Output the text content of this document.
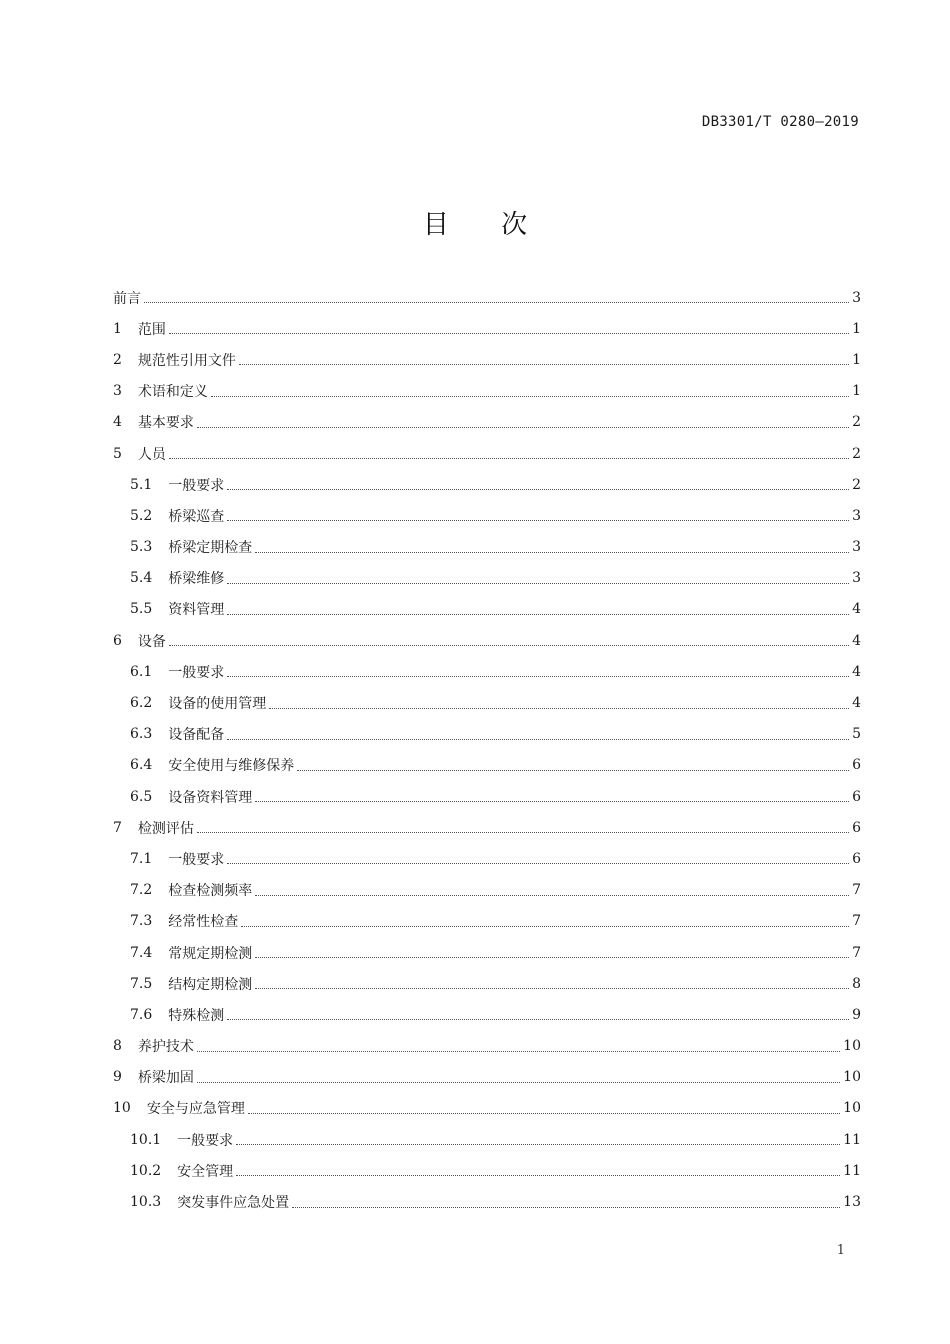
DB3301/T 0280—2019
目 次
前言	3
1 范围	1
2 规范性引用文件	1
3 术语和定义	1
4 基本要求	2
5 人员	2
5.1 一般要求	2
5.2 桥梁巡查	3
5.3 桥梁定期检查	3
5.4 桥梁维修	3
5.5 资料管理	4
6 设备	4
6.1 一般要求	4
6.2 设备的使用管理	4
6.3 设备配备	5
6.4 安全使用与维修保养	6
6.5 设备资料管理	6
7 检测评估	6
7.1 一般要求	6
7.2 检查检测频率	7
7.3 经常性检查	7
7.4 常规定期检测	7
7.5 结构定期检测	8
7.6 特殊检测	9
8 养护技术	10
9 桥梁加固	10
10 安全与应急管理	10
10.1 一般要求	11
10.2 安全管理	11
10.3 突发事件应急处置	13
1
